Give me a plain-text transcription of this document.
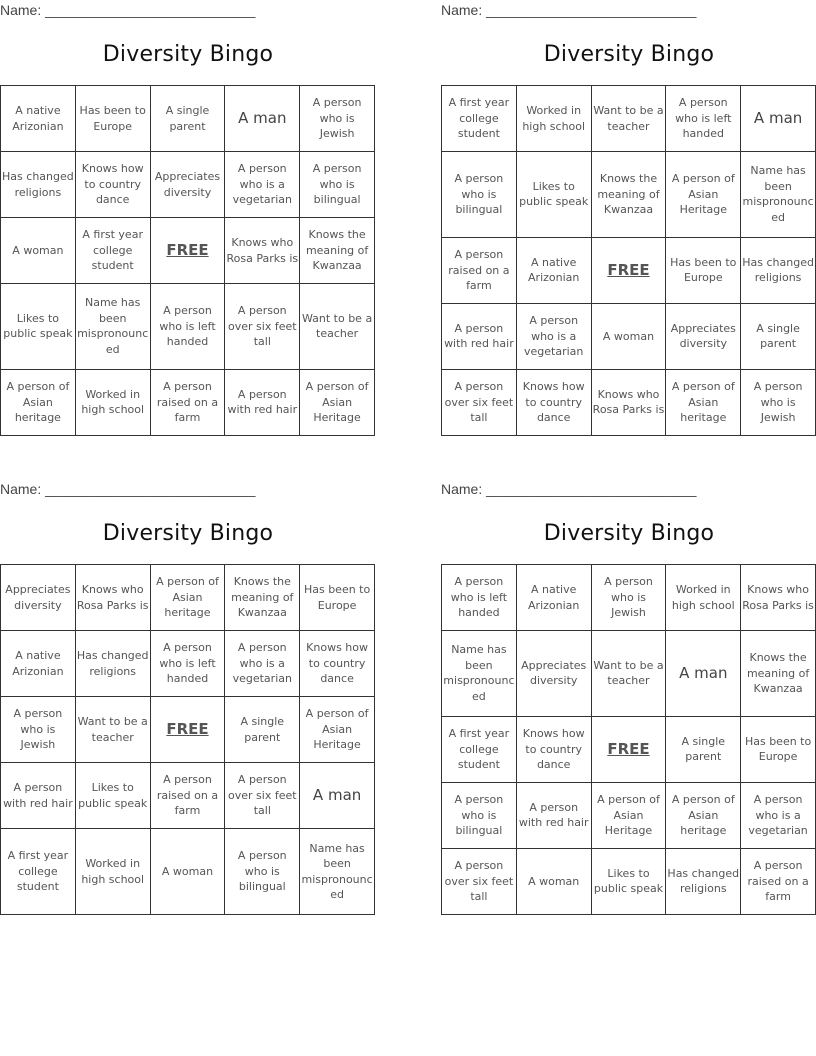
Name: ___________________________
Diversity Bingo
A native Arizonian	Has been to Europe	A single parent	A man	A person who is Jewish
Has changed religions	Knows how to country dance	Appreciates diversity	A person who is a vegetarian	A person who is bilingual
A woman	A first year college student	FREE	Knows who Rosa Parks is	Knows the meaning of Kwanzaa
Likes to public speak	Name has been mispronounced	A person who is left handed	A person over six feet tall	Want to be a teacher
A person of Asian heritage	Worked in high school	A person raised on a farm	A person with red hair	A person of Asian Heritage
Name: ___________________________
Diversity Bingo
A first year college student	Worked in high school	Want to be a teacher	A person who is left handed	A man
A person who is bilingual	Likes to public speak	Knows the meaning of Kwanzaa	A person of Asian Heritage	Name has been mispronounced
A person raised on a farm	A native Arizonian	FREE	Has been to Europe	Has changed religions
A person with red hair	A person who is a vegetarian	A woman	Appreciates diversity	A single parent
A person over six feet tall	Knows how to country dance	Knows who Rosa Parks is	A person of Asian heritage	A person who is Jewish
Name: ___________________________
Diversity Bingo
Appreciates diversity	Knows who Rosa Parks is	A person of Asian heritage	Knows the meaning of Kwanzaa	Has been to Europe
A native Arizonian	Has changed religions	A person who is left handed	A person who is a vegetarian	Knows how to country dance
A person who is Jewish	Want to be a teacher	FREE	A single parent	A person of Asian Heritage
A person with red hair	Likes to public speak	A person raised on a farm	A person over six feet tall	A man
A first year college student	Worked in high school	A woman	A person who is bilingual	Name has been mispronounced
Name: ___________________________
Diversity Bingo
A person who is left handed	A native Arizonian	A person who is Jewish	Worked in high school	Knows who Rosa Parks is
Name has been mispronounced	Appreciates diversity	Want to be a teacher	A man	Knows the meaning of Kwanzaa
A first year college student	Knows how to country dance	FREE	A single parent	Has been to Europe
A person who is bilingual	A person with red hair	A person of Asian Heritage	A person of Asian heritage	A person who is a vegetarian
A person over six feet tall	A woman	Likes to public speak	Has changed religions	A person raised on a farm
